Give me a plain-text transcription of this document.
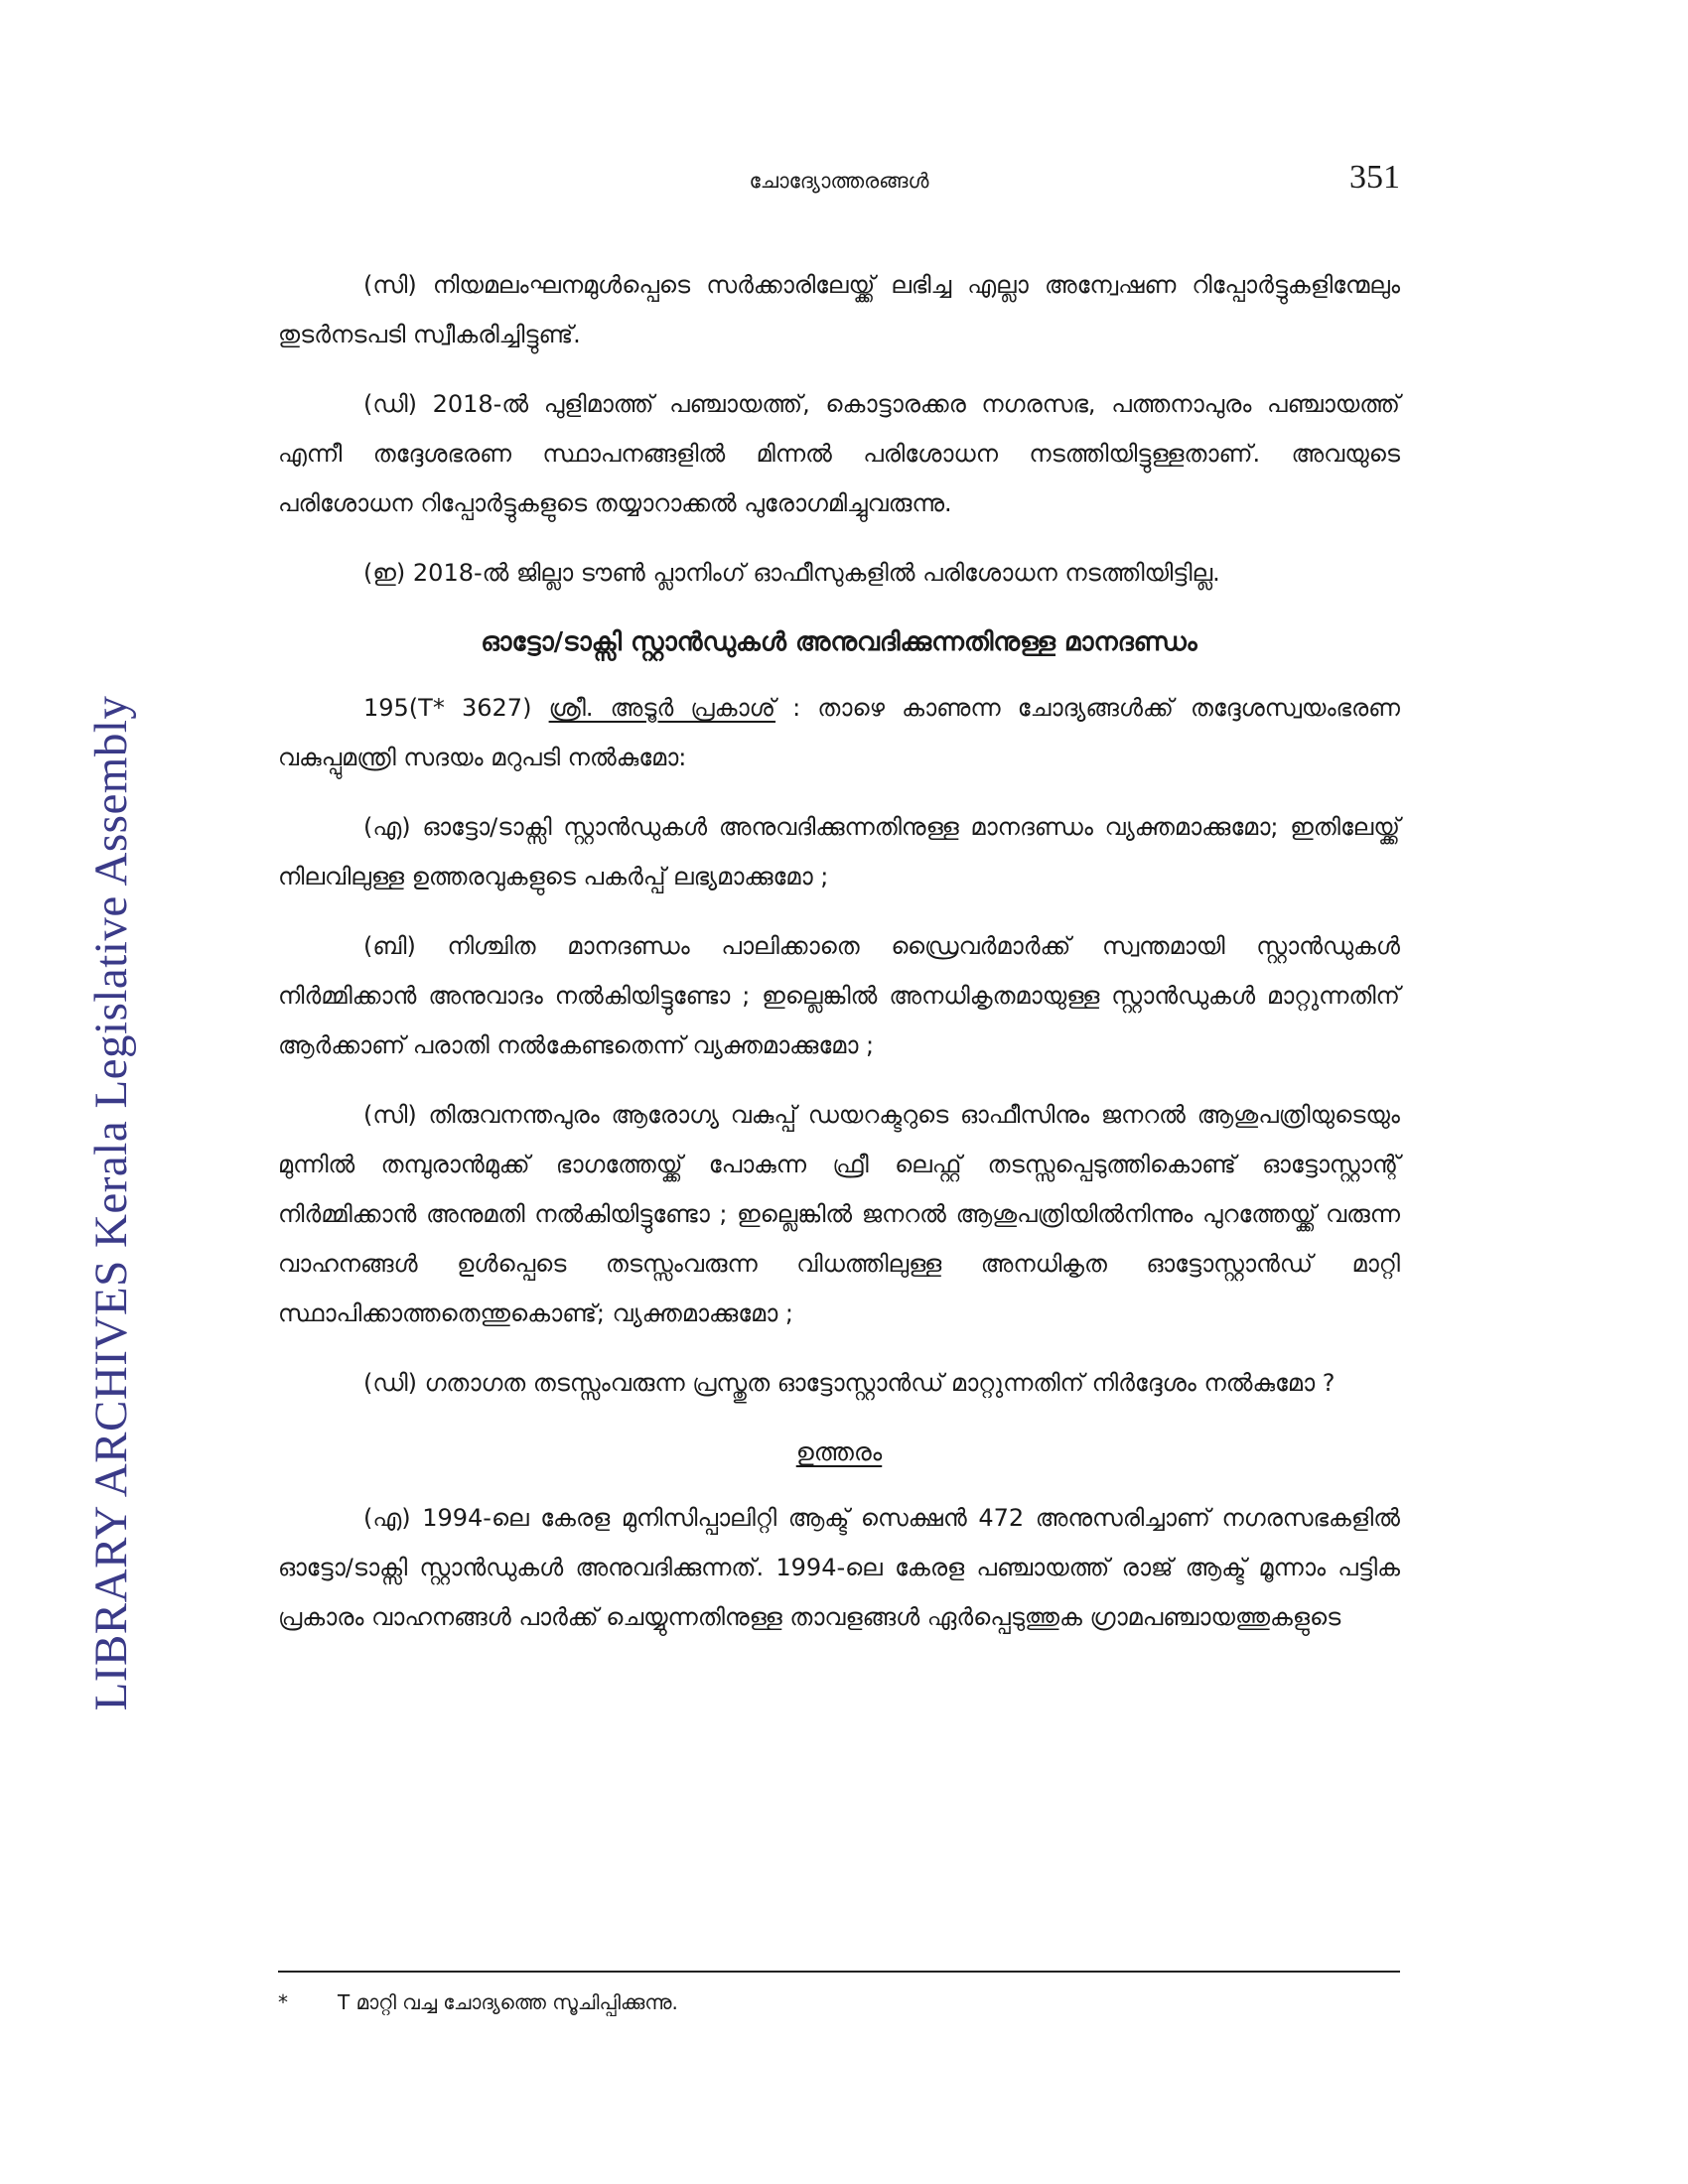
LIBRARY ARCHIVES Kerala Legislative Assembly
ചോദ്യോത്തരങ്ങൾ	351

(സി) നിയമലംഘനമുൾപ്പെടെ സർക്കാരിലേയ്ക്ക് ലഭിച്ച എല്ലാ അന്വേഷണ റിപ്പോർട്ടുകളിന്മേലും തുടർനടപടി സ്വീകരിച്ചിട്ടുണ്ട്.

(ഡി) 2018-ൽ പുളിമാത്ത് പഞ്ചായത്ത്, കൊട്ടാരക്കര നഗരസഭ, പത്തനാപുരം പഞ്ചായത്ത് എന്നീ തദ്ദേശഭരണ സ്ഥാപനങ്ങളിൽ മിന്നൽ പരിശോധന നടത്തിയിട്ടുള്ളതാണ്. അവയുടെ പരിശോധന റിപ്പോർട്ടുകളുടെ തയ്യാറാക്കൽ പുരോഗമിച്ചുവരുന്നു.

(ഇ) 2018-ൽ ജില്ലാ ടൗൺ പ്ലാനിംഗ് ഓഫീസുകളിൽ പരിശോധന നടത്തിയിട്ടില്ല.

ഓട്ടോ/ടാക്സി സ്റ്റാൻഡുകൾ അനുവദിക്കുന്നതിനുള്ള മാനദണ്ഡം

195(T* 3627) ശ്രീ. അടൂർ പ്രകാശ് : താഴെ കാണുന്ന ചോദ്യങ്ങൾക്ക് തദ്ദേശസ്വയംഭരണ വകുപ്പുമന്ത്രി സദയം മറുപടി നൽകുമോ:

(എ) ഓട്ടോ/ടാക്സി സ്റ്റാൻഡുകൾ അനുവദിക്കുന്നതിനുള്ള മാനദണ്ഡം വ്യക്തമാക്കുമോ; ഇതിലേയ്ക്ക് നിലവിലുള്ള ഉത്തരവുകളുടെ പകർപ്പ് ലഭ്യമാക്കുമോ ;

(ബി) നിശ്ചിത മാനദണ്ഡം പാലിക്കാതെ ഡ്രൈവർമാർക്ക് സ്വന്തമായി സ്റ്റാൻഡുകൾ നിർമ്മിക്കാൻ അനുവാദം നൽകിയിട്ടുണ്ടോ ; ഇല്ലെങ്കിൽ അനധികൃതമായുള്ള സ്റ്റാൻഡുകൾ മാറ്റുന്നതിന് ആർക്കാണ് പരാതി നൽകേണ്ടതെന്ന് വ്യക്തമാക്കുമോ ;

(സി) തിരുവനന്തപുരം ആരോഗ്യ വകുപ്പ് ഡയറക്ടറുടെ ഓഫീസിനും ജനറൽ ആശുപത്രിയുടെയും മുന്നിൽ തമ്പുരാൻമുക്ക് ഭാഗത്തേയ്ക്ക് പോകുന്ന ഫ്രീ ലെഫ്റ്റ് തടസ്സപ്പെടുത്തികൊണ്ട് ഓട്ടോസ്റ്റാന്റ് നിർമ്മിക്കാൻ അനുമതി നൽകിയിട്ടുണ്ടോ ; ഇല്ലെങ്കിൽ ജനറൽ ആശുപത്രിയിൽനിന്നും പുറത്തേയ്ക്ക് വരുന്ന വാഹനങ്ങൾ ഉൾപ്പെടെ തടസ്സംവരുന്ന വിധത്തിലുള്ള അനധികൃത ഓട്ടോസ്റ്റാൻഡ് മാറ്റി സ്ഥാപിക്കാത്തതെന്തുകൊണ്ട്; വ്യക്തമാക്കുമോ ;

(ഡി) ഗതാഗത തടസ്സംവരുന്ന പ്രസ്തുത ഓട്ടോസ്റ്റാൻഡ് മാറ്റുന്നതിന് നിർദ്ദേശം നൽകുമോ ?

ഉത്തരം

(എ) 1994-ലെ കേരള മുനിസിപ്പാലിറ്റി ആക്ട് സെക്ഷൻ 472 അനുസരിച്ചാണ് നഗരസഭകളിൽ ഓട്ടോ/ടാക്സി സ്റ്റാൻഡുകൾ അനുവദിക്കുന്നത്. 1994-ലെ കേരള പഞ്ചായത്ത് രാജ് ആക്ട് മൂന്നാം പട്ടിക പ്രകാരം വാഹനങ്ങൾ പാർക്ക് ചെയ്യുന്നതിനുള്ള താവളങ്ങൾ ഏർപ്പെടുത്തുക ഗ്രാമപഞ്ചായത്തുകളുടെ

*	T മാറ്റി വച്ച ചോദ്യത്തെ സൂചിപ്പിക്കുന്നു.
